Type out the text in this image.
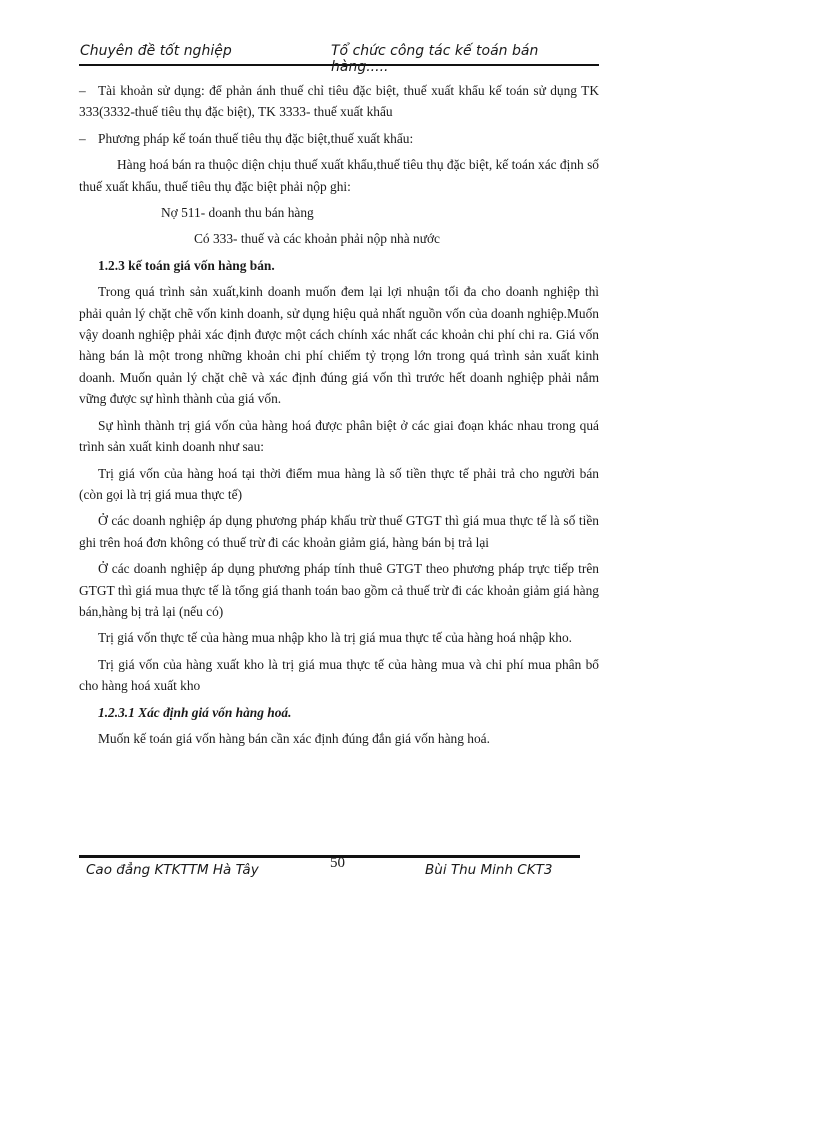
Chuyên đề tốt nghiệp	Tổ chức công tác kế toán bán hàng.....

– Tài khoản sử dụng: để phản ánh thuế chỉ tiêu đặc biệt, thuế xuất khẩu kế toán sử dụng TK 333(3332-thuế tiêu thụ đặc biệt), TK 3333- thuế xuất khẩu

– Phương pháp kế toán thuế tiêu thụ đặc biệt,thuế xuất khẩu:

Hàng hoá bán ra thuộc diện chịu thuế xuất khẩu,thuế tiêu thụ đặc biệt, kế toán xác định số thuế xuất khẩu, thuế tiêu thụ đặc biệt phải nộp ghi:

Nợ 511- doanh thu bán hàng

Có 333- thuế và các khoản phải nộp nhà nước

1.2.3 kế toán giá vốn hàng bán.

Trong quá trình sản xuất,kinh doanh muốn đem lại lợi nhuận tối đa cho doanh nghiệp thì phải quản lý chặt chẽ vốn kinh doanh, sử dụng hiệu quả nhất nguồn vốn của doanh nghiệp.Muốn vậy doanh nghiệp phải xác định được một cách chính xác nhất các khoản chi phí chi ra. Giá vốn hàng bán là một trong những khoản chi phí chiếm tỷ trọng lớn trong quá trình sản xuất kinh doanh. Muốn quản lý chặt chẽ và xác định đúng giá vốn thì trước hết doanh nghiệp phải nắm vững được sự hình thành của giá vốn.

Sự hình thành trị giá vốn của hàng hoá được phân biệt ở các giai đoạn khác nhau trong quá trình sản xuất kinh doanh như sau:

Trị giá vốn của hàng hoá tại thời điểm mua hàng là số tiền thực tế phải trả cho người bán (còn gọi là trị giá mua thực tế)

Ở các doanh nghiệp áp dụng phương pháp khấu trừ thuế GTGT thì giá mua thực tế là số tiền ghi trên hoá đơn không có thuế trừ đi các khoản giảm giá, hàng bán bị trả lại

Ở các doanh nghiệp áp dụng phương pháp tính thuê GTGT theo phương pháp trực tiếp trên GTGT thì giá mua thực tế là tổng giá thanh toán bao gồm cả thuế trừ đi các khoản giảm giá hàng bán,hàng bị trả lại (nếu có)

Trị giá vốn thực tế của hàng mua nhập kho là trị giá mua thực tế của hàng hoá nhập kho.

Trị giá vốn của hàng xuất kho là trị giá mua thực tế của hàng mua và chi phí mua phân bổ cho hàng hoá xuất kho

1.2.3.1 Xác định giá vốn hàng hoá.

Muốn kế toán giá vốn hàng bán cần xác định đúng đắn giá vốn hàng hoá.

Cao đẳng KTKTTM Hà Tây	50	Bùi Thu Minh CKT3
